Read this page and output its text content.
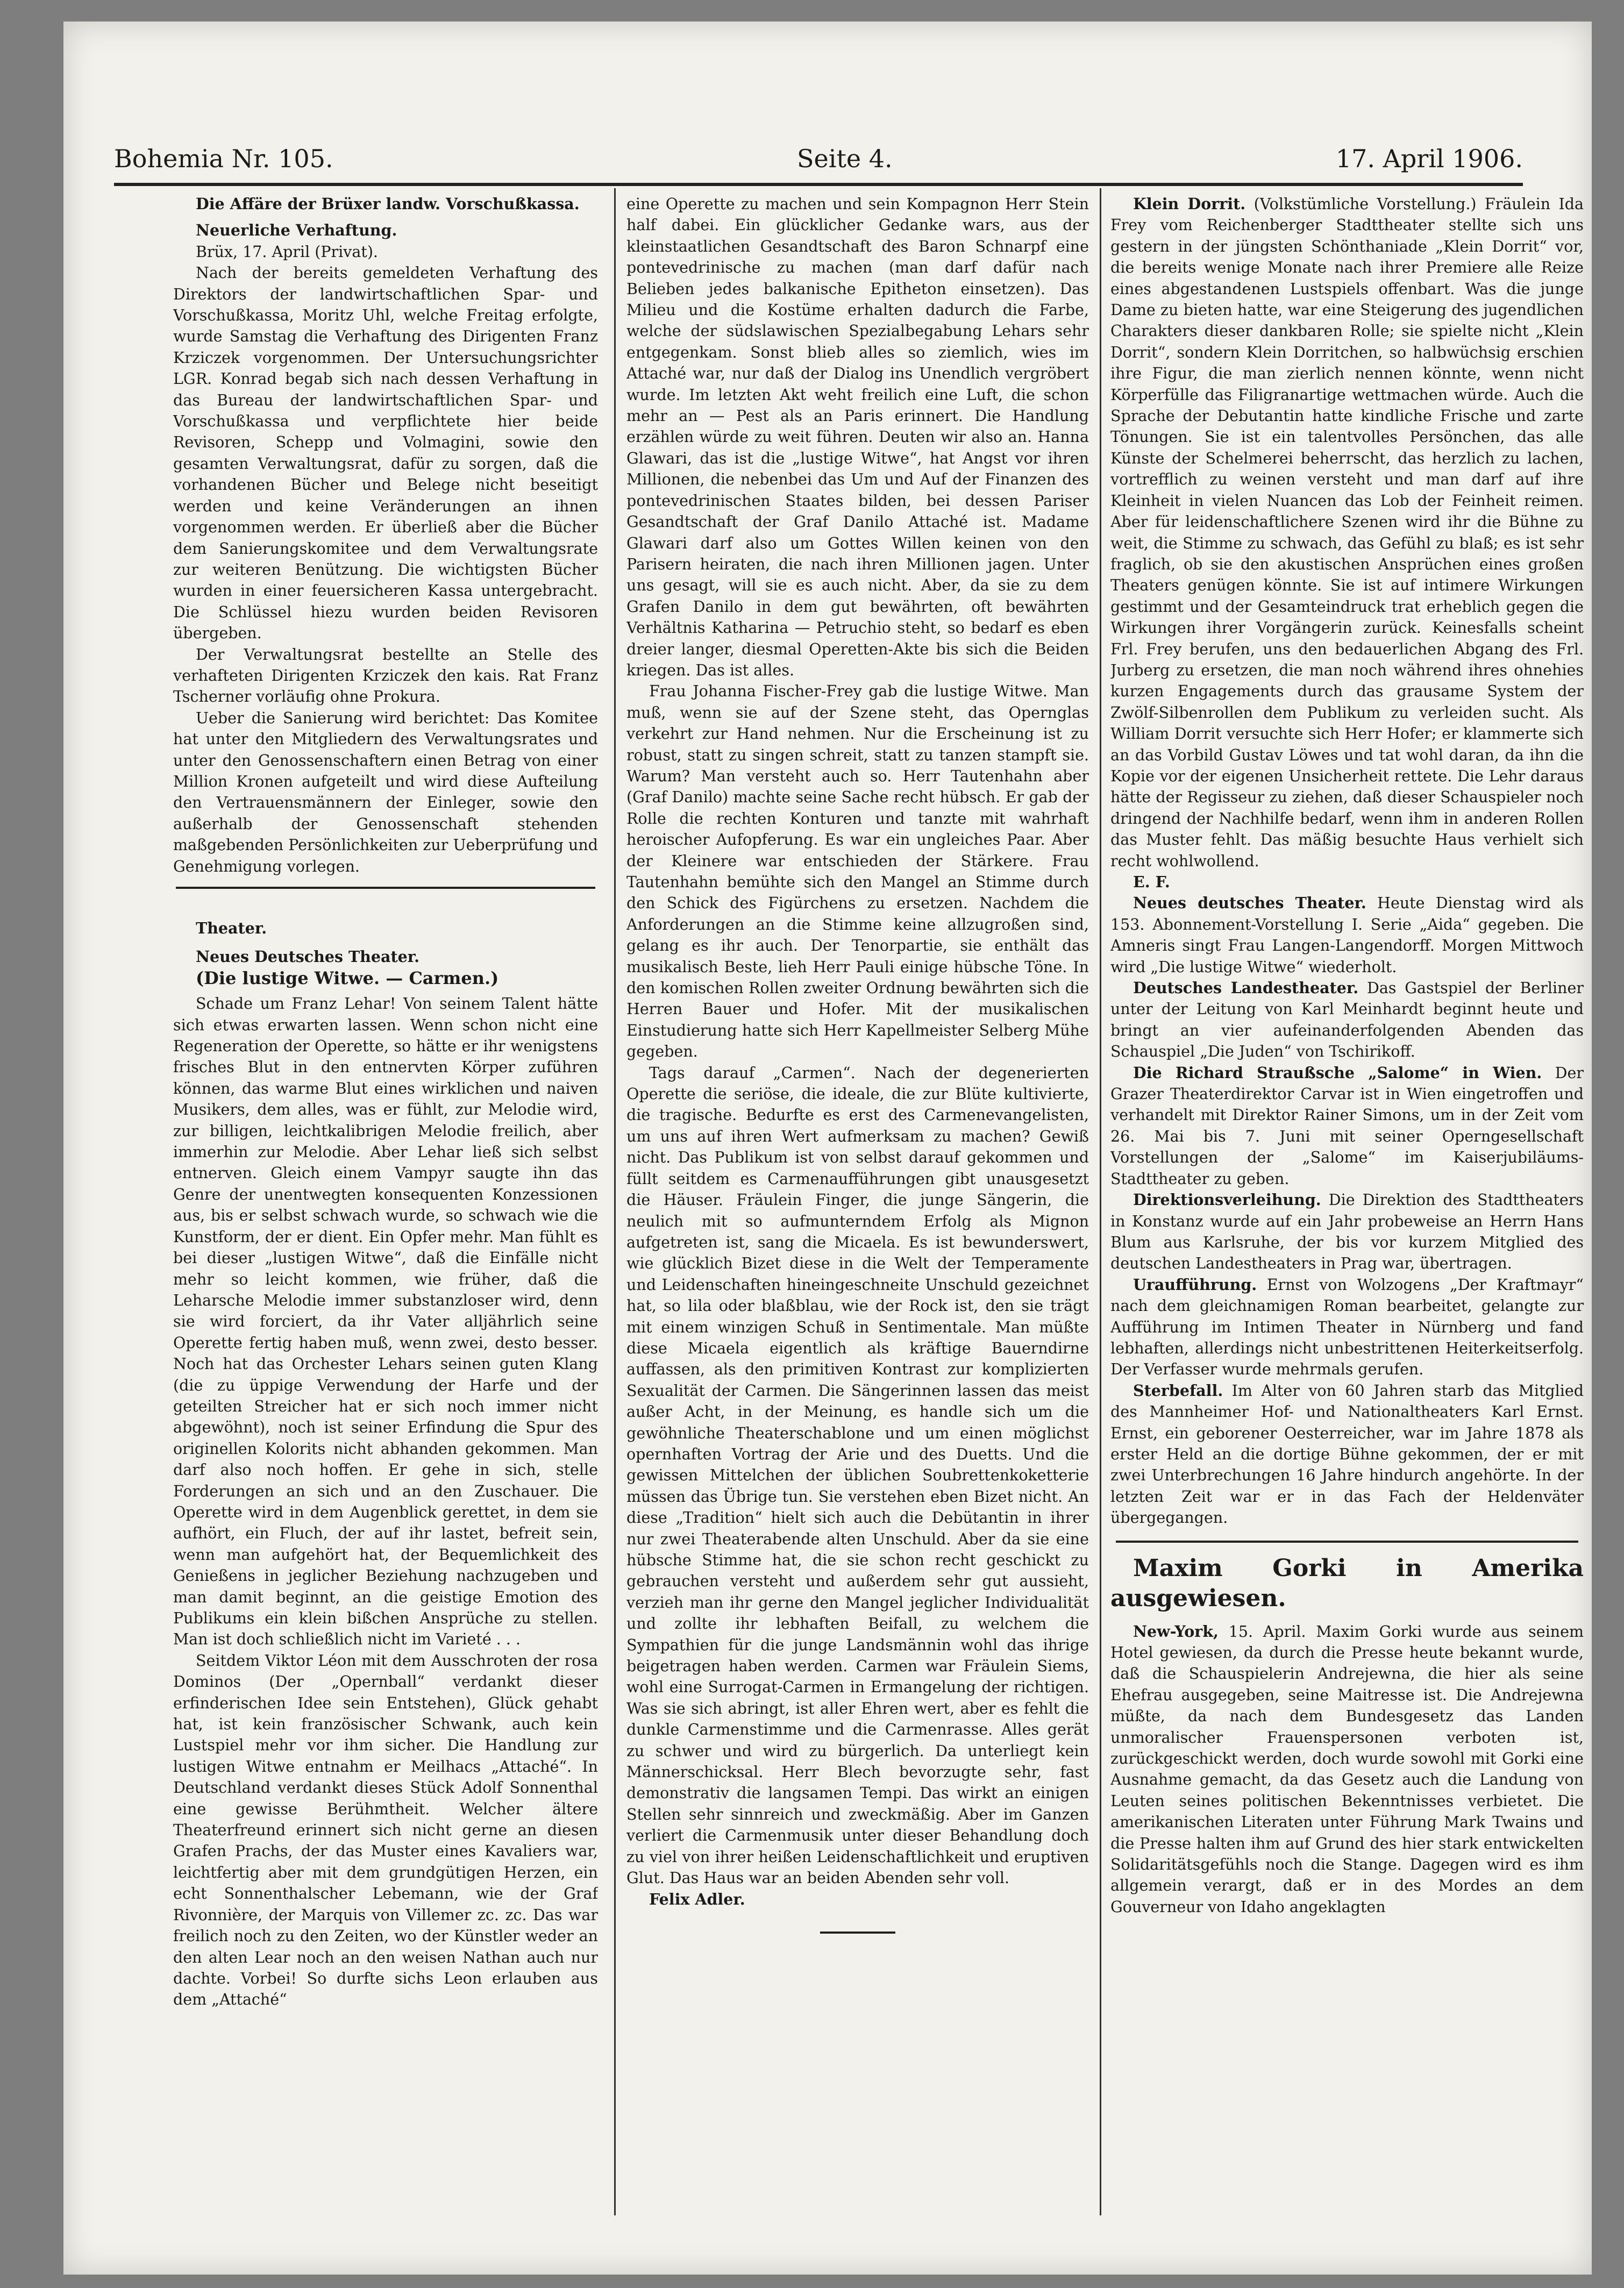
Bohemia Nr. 105.	Seite 4.	17. April 1906.

Die Affäre der Brüxer landw. Vorschußkassa.

Neuerliche Verhaftung.

Brüx, 17. April (Privat).

Nach der bereits gemeldeten Verhaftung des Direktors der landwirtschaftlichen Spar- und Vorschußkassa, Moritz Uhl, welche Freitag erfolgte, wurde Samstag die Verhaftung des Dirigenten Franz Krziczek vorgenommen. Der Untersuchungsrichter LGR. Konrad begab sich nach dessen Verhaftung in das Bureau der landwirtschaftlichen Spar- und Vorschußkassa und verpflichtete hier beide Revisoren, Schepp und Volmagini, sowie den gesamten Verwaltungsrat, dafür zu sorgen, daß die vorhandenen Bücher und Belege nicht beseitigt werden und keine Veränderungen an ihnen vorgenommen werden. Er überließ aber die Bücher dem Sanierungskomitee und dem Verwaltungsrate zur weiteren Benützung. Die wichtigsten Bücher wurden in einer feuersicheren Kassa untergebracht. Die Schlüssel hiezu wurden beiden Revisoren übergeben.

Der Verwaltungsrat bestellte an Stelle des verhafteten Dirigenten Krziczek den kais. Rat Franz Tscherner vorläufig ohne Prokura.

Ueber die Sanierung wird berichtet: Das Komitee hat unter den Mitgliedern des Verwaltungsrates und unter den Genossenschaftern einen Betrag von einer Million Kronen aufgeteilt und wird diese Aufteilung den Vertrauensmännern der Einleger, sowie den außerhalb der Genossenschaft stehenden maßgebenden Persönlichkeiten zur Ueberprüfung und Genehmigung vorlegen.

Theater.

Neues Deutsches Theater.

(Die lustige Witwe. — Carmen.)

Schade um Franz Lehar! Von seinem Talent hätte sich etwas erwarten lassen. Wenn schon nicht eine Regeneration der Operette, so hätte er ihr wenigstens frisches Blut in den entnervten Körper zuführen können, das warme Blut eines wirklichen und naiven Musikers, dem alles, was er fühlt, zur Melodie wird, zur billigen, leichtkalibrigen Melodie freilich, aber immerhin zur Melodie. Aber Lehar ließ sich selbst entnerven. Gleich einem Vampyr saugte ihn das Genre der unentwegten konsequenten Konzessionen aus, bis er selbst schwach wurde, so schwach wie die Kunstform, der er dient. Ein Opfer mehr. Man fühlt es bei dieser „lustigen Witwe“, daß die Einfälle nicht mehr so leicht kommen, wie früher, daß die Leharsche Melodie immer substanzloser wird, denn sie wird forciert, da ihr Vater alljährlich seine Operette fertig haben muß, wenn zwei, desto besser. Noch hat das Orchester Lehars seinen guten Klang (die zu üppige Verwendung der Harfe und der geteilten Streicher hat er sich noch immer nicht abgewöhnt), noch ist seiner Erfindung die Spur des originellen Kolorits nicht abhanden gekommen. Man darf also noch hoffen. Er gehe in sich, stelle Forderungen an sich und an den Zuschauer. Die Operette wird in dem Augenblick gerettet, in dem sie aufhört, ein Fluch, der auf ihr lastet, befreit sein, wenn man aufgehört hat, der Bequemlichkeit des Genießens in jeglicher Beziehung nachzugeben und man damit beginnt, an die geistige Emotion des Publikums ein klein bißchen Ansprüche zu stellen. Man ist doch schließlich nicht im Varieté . . .

Seitdem Viktor Léon mit dem Ausschroten der rosa Dominos (Der „Opernball“ verdankt dieser erfinderischen Idee sein Entstehen), Glück gehabt hat, ist kein französischer Schwank, auch kein Lustspiel mehr vor ihm sicher. Die Handlung zur lustigen Witwe entnahm er Meilhacs „Attaché“. In Deutschland verdankt dieses Stück Adolf Sonnenthal eine gewisse Berühmtheit. Welcher ältere Theaterfreund erinnert sich nicht gerne an diesen Grafen Prachs, der das Muster eines Kavaliers war, leichtfertig aber mit dem grundgütigen Herzen, ein echt Sonnenthalscher Lebemann, wie der Graf Rivonnière, der Marquis von Villemer zc. zc. Das war freilich noch zu den Zeiten, wo der Künstler weder an den alten Lear noch an den weisen Nathan auch nur dachte. Vorbei! So durfte sichs Leon erlauben aus dem „Attaché“

eine Operette zu machen und sein Kompagnon Herr Stein half dabei. Ein glücklicher Gedanke wars, aus der kleinstaatlichen Gesandtschaft des Baron Schnarpf eine pontevedrinische zu machen (man darf dafür nach Belieben jedes balkanische Epitheton einsetzen). Das Milieu und die Kostüme erhalten dadurch die Farbe, welche der südslawischen Spezialbegabung Lehars sehr entgegenkam. Sonst blieb alles so ziemlich, wies im Attaché war, nur daß der Dialog ins Unendlich vergröbert wurde. Im letzten Akt weht freilich eine Luft, die schon mehr an — Pest als an Paris erinnert. Die Handlung erzählen würde zu weit führen. Deuten wir also an. Hanna Glawari, das ist die „lustige Witwe“, hat Angst vor ihren Millionen, die nebenbei das Um und Auf der Finanzen des pontevedrinischen Staates bilden, bei dessen Pariser Gesandtschaft der Graf Danilo Attaché ist. Madame Glawari darf also um Gottes Willen keinen von den Parisern heiraten, die nach ihren Millionen jagen. Unter uns gesagt, will sie es auch nicht. Aber, da sie zu dem Grafen Danilo in dem gut bewährten, oft bewährten Verhältnis Katharina — Petruchio steht, so bedarf es eben dreier langer, diesmal Operetten-Akte bis sich die Beiden kriegen. Das ist alles.

Frau Johanna Fischer-Frey gab die lustige Witwe. Man muß, wenn sie auf der Szene steht, das Opernglas verkehrt zur Hand nehmen. Nur die Erscheinung ist zu robust, statt zu singen schreit, statt zu tanzen stampft sie. Warum? Man versteht auch so. Herr Tautenhahn aber (Graf Danilo) machte seine Sache recht hübsch. Er gab der Rolle die rechten Konturen und tanzte mit wahrhaft heroischer Aufopferung. Es war ein ungleiches Paar. Aber der Kleinere war entschieden der Stärkere. Frau Tautenhahn bemühte sich den Mangel an Stimme durch den Schick des Figürchens zu ersetzen. Nachdem die Anforderungen an die Stimme keine allzugroßen sind, gelang es ihr auch. Der Tenorpartie, sie enthält das musikalisch Beste, lieh Herr Pauli einige hübsche Töne. In den komischen Rollen zweiter Ordnung bewährten sich die Herren Bauer und Hofer. Mit der musikalischen Einstudierung hatte sich Herr Kapellmeister Selberg Mühe gegeben.

Tags darauf „Carmen“. Nach der degenerierten Operette die seriöse, die ideale, die zur Blüte kultivierte, die tragische. Bedurfte es erst des Carmenevangelisten, um uns auf ihren Wert aufmerksam zu machen? Gewiß nicht. Das Publikum ist von selbst darauf gekommen und füllt seitdem es Carmenaufführungen gibt unausgesetzt die Häuser. Fräulein Finger, die junge Sängerin, die neulich mit so aufmunterndem Erfolg als Mignon aufgetreten ist, sang die Micaela. Es ist bewunderswert, wie glücklich Bizet diese in die Welt der Temperamente und Leidenschaften hineingeschneite Unschuld gezeichnet hat, so lila oder blaßblau, wie der Rock ist, den sie trägt mit einem winzigen Schuß in Sentimentale. Man müßte diese Micaela eigentlich als kräftige Bauerndirne auffassen, als den primitiven Kontrast zur komplizierten Sexualität der Carmen. Die Sängerinnen lassen das meist außer Acht, in der Meinung, es handle sich um die gewöhnliche Theaterschablone und um einen möglichst opernhaften Vortrag der Arie und des Duetts. Und die gewissen Mittelchen der üblichen Soubrettenkoketterie müssen das Übrige tun. Sie verstehen eben Bizet nicht. An diese „Tradition“ hielt sich auch die Debütantin in ihrer nur zwei Theaterabende alten Unschuld. Aber da sie eine hübsche Stimme hat, die sie schon recht geschickt zu gebrauchen versteht und außerdem sehr gut aussieht, verzieh man ihr gerne den Mangel jeglicher Individualität und zollte ihr lebhaften Beifall, zu welchem die Sympathien für die junge Landsmännin wohl das ihrige beigetragen haben werden. Carmen war Fräulein Siems, wohl eine Surrogat-Carmen in Ermangelung der richtigen. Was sie sich abringt, ist aller Ehren wert, aber es fehlt die dunkle Carmenstimme und die Carmenrasse. Alles gerät zu schwer und wird zu bürgerlich. Da unterliegt kein Männerschicksal. Herr Blech bevorzugte sehr, fast demonstrativ die langsamen Tempi. Das wirkt an einigen Stellen sehr sinnreich und zweckmäßig. Aber im Ganzen verliert die Carmenmusik unter dieser Behandlung doch zu viel von ihrer heißen Leidenschaftlichkeit und eruptiven Glut. Das Haus war an beiden Abenden sehr voll.

Felix Adler.

Klein Dorrit. (Volkstümliche Vorstellung.) Fräulein Ida Frey vom Reichenberger Stadttheater stellte sich uns gestern in der jüngsten Schönthaniade „Klein Dorrit“ vor, die bereits wenige Monate nach ihrer Premiere alle Reize eines abgestandenen Lustspiels offenbart. Was die junge Dame zu bieten hatte, war eine Steigerung des jugendlichen Charakters dieser dankbaren Rolle; sie spielte nicht „Klein Dorrit“, sondern Klein Dorritchen, so halbwüchsig erschien ihre Figur, die man zierlich nennen könnte, wenn nicht Körperfülle das Filigranartige wettmachen würde. Auch die Sprache der Debutantin hatte kindliche Frische und zarte Tönungen. Sie ist ein talentvolles Persönchen, das alle Künste der Schelmerei beherrscht, das herzlich zu lachen, vortrefflich zu weinen versteht und man darf auf ihre Kleinheit in vielen Nuancen das Lob der Feinheit reimen. Aber für leidenschaftlichere Szenen wird ihr die Bühne zu weit, die Stimme zu schwach, das Gefühl zu blaß; es ist sehr fraglich, ob sie den akustischen Ansprüchen eines großen Theaters genügen könnte. Sie ist auf intimere Wirkungen gestimmt und der Gesamteindruck trat erheblich gegen die Wirkungen ihrer Vorgängerin zurück. Keinesfalls scheint Frl. Frey berufen, uns den bedauerlichen Abgang des Frl. Jurberg zu ersetzen, die man noch während ihres ohnehies kurzen Engagements durch das grausame System der Zwölf-Silbenrollen dem Publikum zu verleiden sucht. Als William Dorrit versuchte sich Herr Hofer; er klammerte sich an das Vorbild Gustav Löwes und tat wohl daran, da ihn die Kopie vor der eigenen Unsicherheit rettete. Die Lehr daraus hätte der Regisseur zu ziehen, daß dieser Schauspieler noch dringend der Nachhilfe bedarf, wenn ihm in anderen Rollen das Muster fehlt. Das mäßig besuchte Haus verhielt sich recht wohlwollend.

E. F.

Neues deutsches Theater. Heute Dienstag wird als 153. Abonnement-Vorstellung I. Serie „Aida“ gegeben. Die Amneris singt Frau Langen-Langendorff. Morgen Mittwoch wird „Die lustige Witwe“ wiederholt.

Deutsches Landestheater. Das Gastspiel der Berliner unter der Leitung von Karl Meinhardt beginnt heute und bringt an vier aufeinanderfolgenden Abenden das Schauspiel „Die Juden“ von Tschirikoff.

Die Richard Straußsche „Salome“ in Wien. Der Grazer Theaterdirektor Carvar ist in Wien eingetroffen und verhandelt mit Direktor Rainer Simons, um in der Zeit vom 26. Mai bis 7. Juni mit seiner Operngesellschaft Vorstellungen der „Salome“ im Kaiserjubiläums-Stadttheater zu geben.

Direktionsverleihung. Die Direktion des Stadttheaters in Konstanz wurde auf ein Jahr probeweise an Herrn Hans Blum aus Karlsruhe, der bis vor kurzem Mitglied des deutschen Landestheaters in Prag war, übertragen.

Uraufführung. Ernst von Wolzogens „Der Kraftmayr“ nach dem gleichnamigen Roman bearbeitet, gelangte zur Aufführung im Intimen Theater in Nürnberg und fand lebhaften, allerdings nicht unbestrittenen Heiterkeitserfolg. Der Verfasser wurde mehrmals gerufen.

Sterbefall. Im Alter von 60 Jahren starb das Mitglied des Mannheimer Hof- und Nationaltheaters Karl Ernst. Ernst, ein geborener Oesterreicher, war im Jahre 1878 als erster Held an die dortige Bühne gekommen, der er mit zwei Unterbrechungen 16 Jahre hindurch angehörte. In der letzten Zeit war er in das Fach der Heldenväter übergegangen.

Maxim Gorki in Amerika ausgewiesen.

New-York, 15. April. Maxim Gorki wurde aus seinem Hotel gewiesen, da durch die Presse heute bekannt wurde, daß die Schauspielerin Andrejewna, die hier als seine Ehefrau ausgegeben, seine Maitresse ist. Die Andrejewna müßte, da nach dem Bundesgesetz das Landen unmoralischer Frauenspersonen verboten ist, zurückgeschickt werden, doch wurde sowohl mit Gorki eine Ausnahme gemacht, da das Gesetz auch die Landung von Leuten seines politischen Bekenntnisses verbietet. Die amerikanischen Literaten unter Führung Mark Twains und die Presse halten ihm auf Grund des hier stark entwickelten Solidaritätsgefühls noch die Stange. Dagegen wird es ihm allgemein verargt, daß er in des Mordes an dem Gouverneur von Idaho angeklagten
